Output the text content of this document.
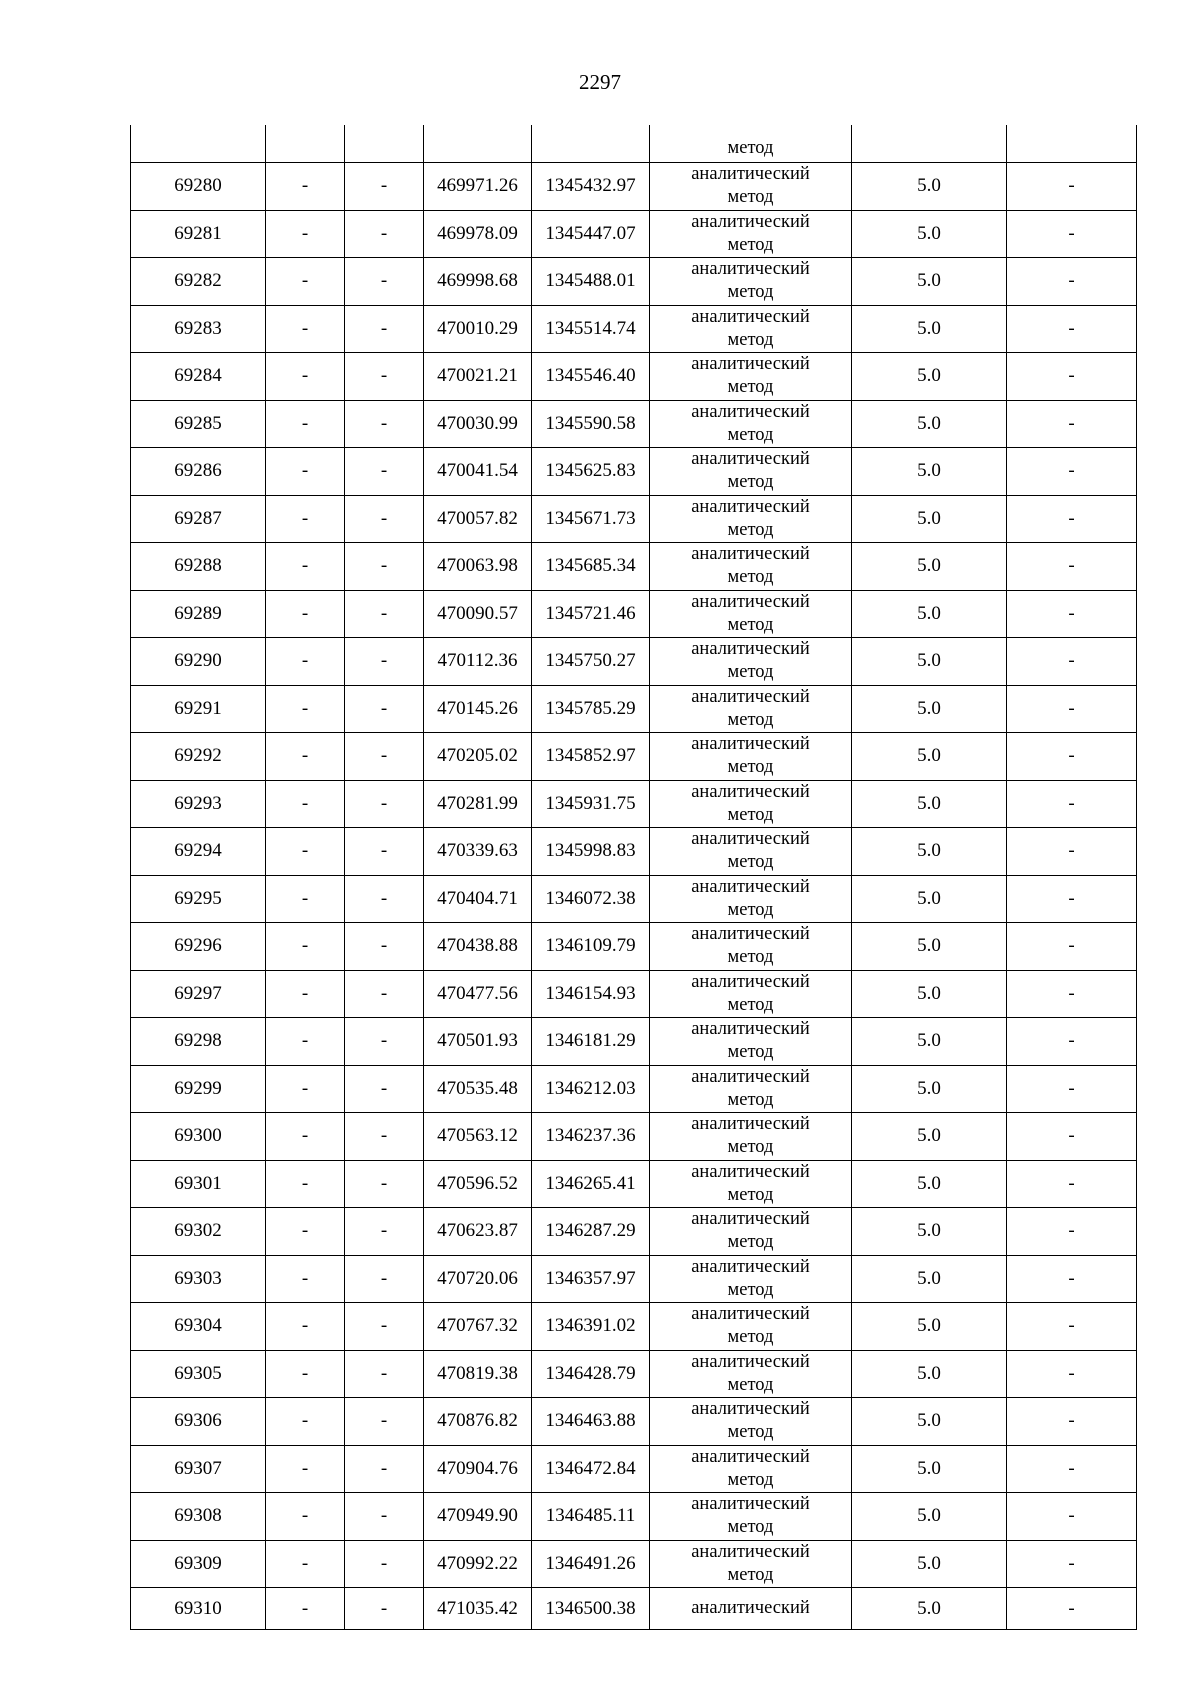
2297

					метод		

69280	-	-	469971.26	1345432.97	аналитический
метод	5.0	-
69281	-	-	469978.09	1345447.07	аналитический
метод	5.0	-
69282	-	-	469998.68	1345488.01	аналитический
метод	5.0	-
69283	-	-	470010.29	1345514.74	аналитический
метод	5.0	-
69284	-	-	470021.21	1345546.40	аналитический
метод	5.0	-
69285	-	-	470030.99	1345590.58	аналитический
метод	5.0	-
69286	-	-	470041.54	1345625.83	аналитический
метод	5.0	-
69287	-	-	470057.82	1345671.73	аналитический
метод	5.0	-
69288	-	-	470063.98	1345685.34	аналитический
метод	5.0	-
69289	-	-	470090.57	1345721.46	аналитический
метод	5.0	-
69290	-	-	470112.36	1345750.27	аналитический
метод	5.0	-
69291	-	-	470145.26	1345785.29	аналитический
метод	5.0	-
69292	-	-	470205.02	1345852.97	аналитический
метод	5.0	-
69293	-	-	470281.99	1345931.75	аналитический
метод	5.0	-
69294	-	-	470339.63	1345998.83	аналитический
метод	5.0	-
69295	-	-	470404.71	1346072.38	аналитический
метод	5.0	-
69296	-	-	470438.88	1346109.79	аналитический
метод	5.0	-
69297	-	-	470477.56	1346154.93	аналитический
метод	5.0	-
69298	-	-	470501.93	1346181.29	аналитический
метод	5.0	-
69299	-	-	470535.48	1346212.03	аналитический
метод	5.0	-
69300	-	-	470563.12	1346237.36	аналитический
метод	5.0	-
69301	-	-	470596.52	1346265.41	аналитический
метод	5.0	-
69302	-	-	470623.87	1346287.29	аналитический
метод	5.0	-
69303	-	-	470720.06	1346357.97	аналитический
метод	5.0	-
69304	-	-	470767.32	1346391.02	аналитический
метод	5.0	-
69305	-	-	470819.38	1346428.79	аналитический
метод	5.0	-
69306	-	-	470876.82	1346463.88	аналитический
метод	5.0	-
69307	-	-	470904.76	1346472.84	аналитический
метод	5.0	-
69308	-	-	470949.90	1346485.11	аналитический
метод	5.0	-
69309	-	-	470992.22	1346491.26	аналитический
метод	5.0	-
69310	-	-	471035.42	1346500.38	аналитический	5.0	-
